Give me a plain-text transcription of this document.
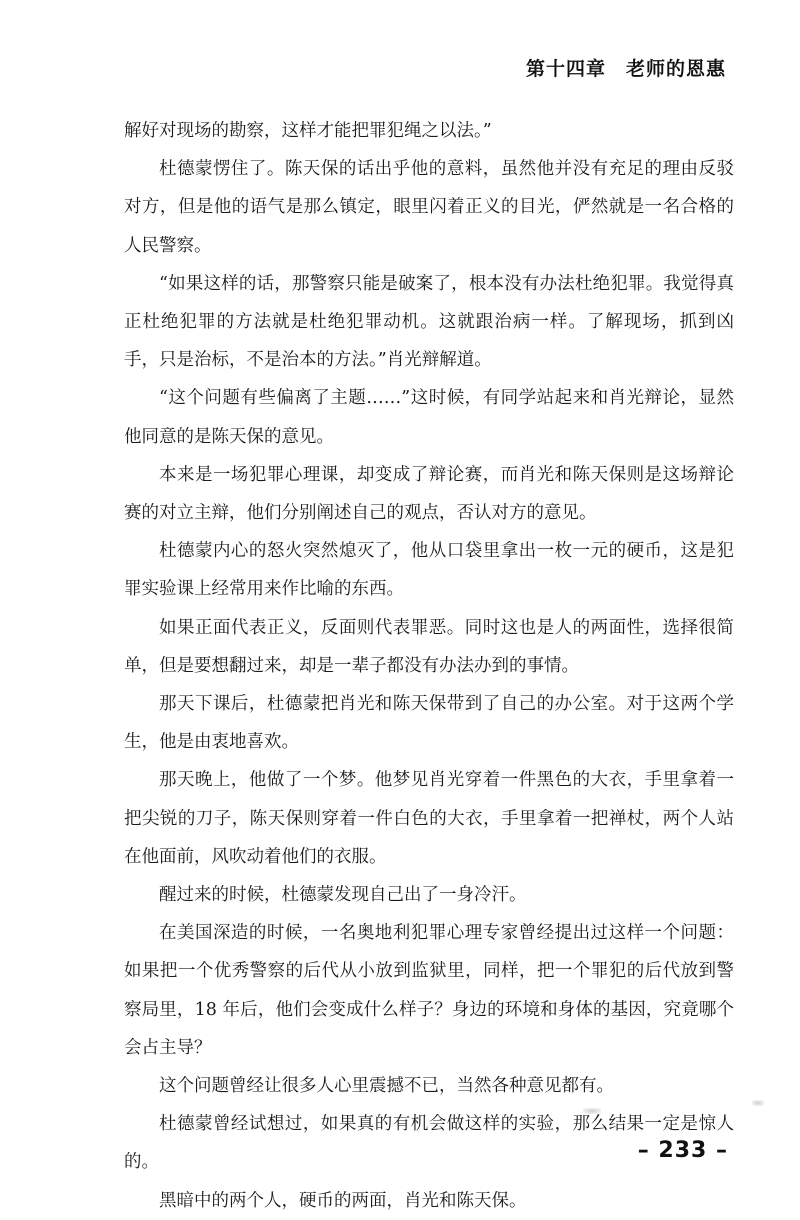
第十四章 老师的恩惠

解好对现场的勘察，这样才能把罪犯绳之以法。”

杜德蒙愣住了。陈天保的话出乎他的意料，虽然他并没有充足的理由反驳对方，但是他的语气是那么镇定，眼里闪着正义的目光，俨然就是一名合格的人民警察。

“如果这样的话，那警察只能是破案了，根本没有办法杜绝犯罪。我觉得真正杜绝犯罪的方法就是杜绝犯罪动机。这就跟治病一样。了解现场，抓到凶手，只是治标，不是治本的方法。”肖光辩解道。

“这个问题有些偏离了主题……”这时候，有同学站起来和肖光辩论，显然他同意的是陈天保的意见。

本来是一场犯罪心理课，却变成了辩论赛，而肖光和陈天保则是这场辩论赛的对立主辩，他们分别阐述自己的观点，否认对方的意见。

杜德蒙内心的怒火突然熄灭了，他从口袋里拿出一枚一元的硬币，这是犯罪实验课上经常用来作比喻的东西。

如果正面代表正义，反面则代表罪恶。同时这也是人的两面性，选择很简单，但是要想翻过来，却是一辈子都没有办法办到的事情。

那天下课后，杜德蒙把肖光和陈天保带到了自己的办公室。对于这两个学生，他是由衷地喜欢。

那天晚上，他做了一个梦。他梦见肖光穿着一件黑色的大衣，手里拿着一把尖锐的刀子，陈天保则穿着一件白色的大衣，手里拿着一把禅杖，两个人站在他面前，风吹动着他们的衣服。

醒过来的时候，杜德蒙发现自己出了一身冷汗。

在美国深造的时候，一名奥地利犯罪心理专家曾经提出过这样一个问题：如果把一个优秀警察的后代从小放到监狱里，同样，把一个罪犯的后代放到警察局里，18 年后，他们会变成什么样子？身边的环境和身体的基因，究竟哪个会占主导？

这个问题曾经让很多人心里震撼不已，当然各种意见都有。

杜德蒙曾经试想过，如果真的有机会做这样的实验，那么结果一定是惊人的。

黑暗中的两个人，硬币的两面，肖光和陈天保。

– 233 –
